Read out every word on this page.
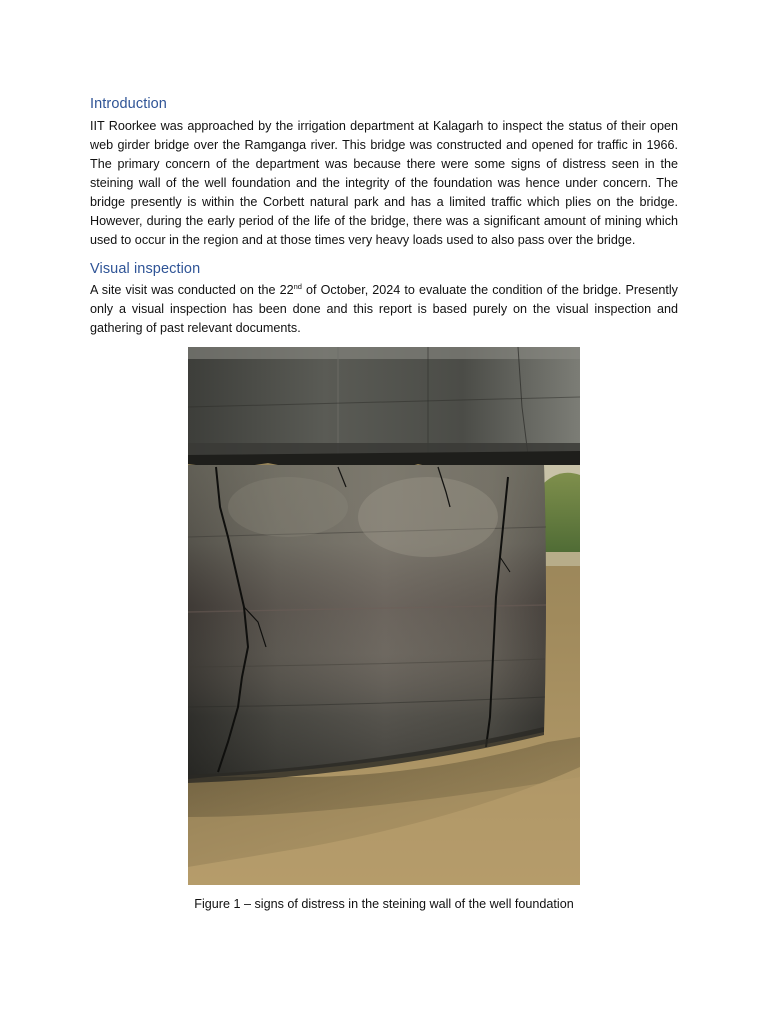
Introduction

IIT Roorkee was approached by the irrigation department at Kalagarh to inspect the status of their open web girder bridge over the Ramganga river. This bridge was constructed and opened for traffic in 1966. The primary concern of the department was because there were some signs of distress seen in the steining wall of the well foundation and the integrity of the foundation was hence under concern. The bridge presently is within the Corbett natural park and has a limited traffic which plies on the bridge. However, during the early period of the life of the bridge, there was a significant amount of mining which used to occur in the region and at those times very heavy loads used to also pass over the bridge.

Visual inspection

A site visit was conducted on the 22nd of October, 2024 to evaluate the condition of the bridge. Presently only a visual inspection has been done and this report is based purely on the visual inspection and gathering of past relevant documents.

Figure 1 – signs of distress in the steining wall of the well foundation
